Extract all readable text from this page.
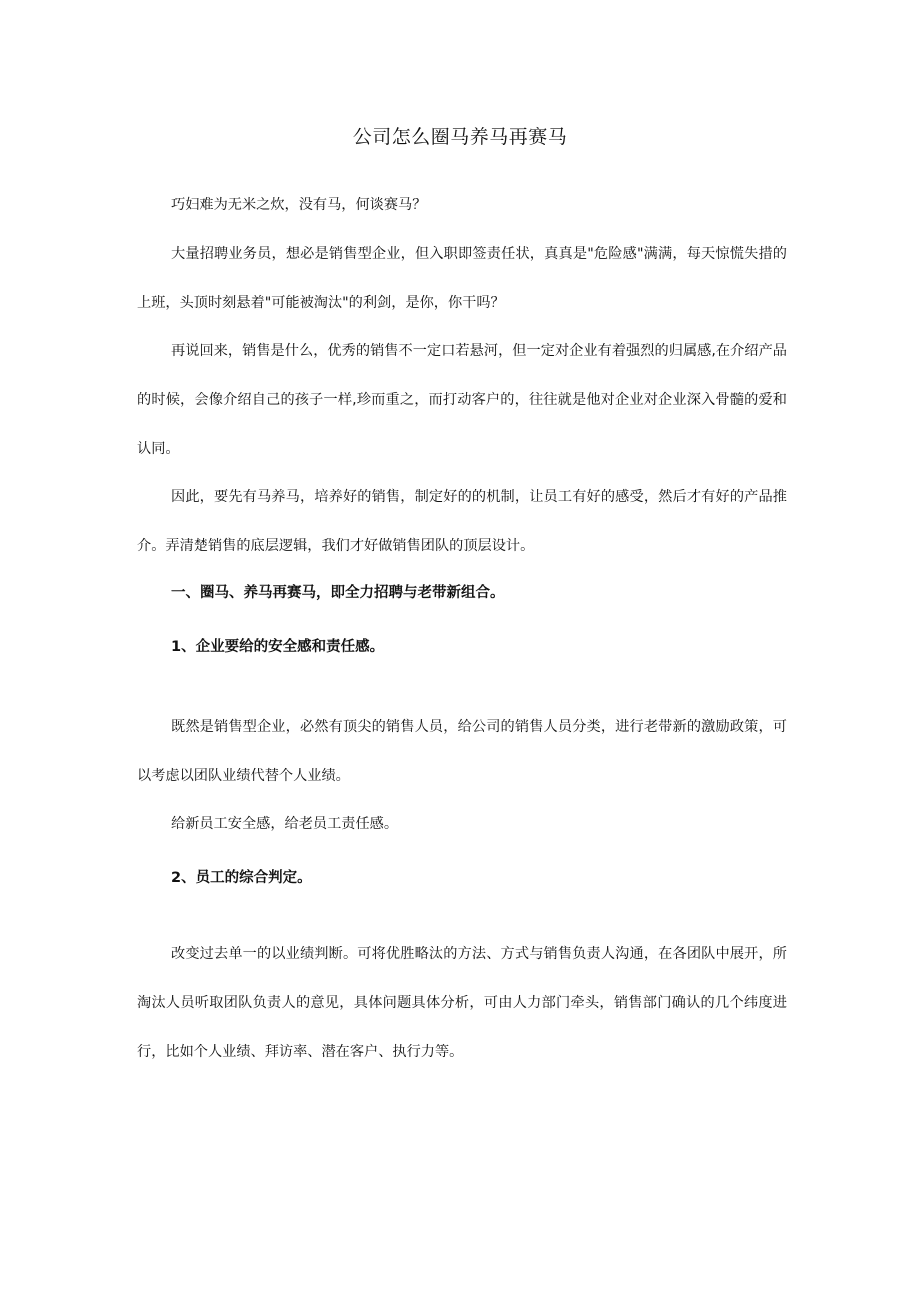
公司怎么圈马养马再赛马

巧妇难为无米之炊，没有马，何谈赛马？

大量招聘业务员，想必是销售型企业，但入职即签责任状，真真是"危险感"满满，每天惊慌失措的上班，头顶时刻悬着"可能被淘汰"的利剑，是你，你干吗？

再说回来，销售是什么，优秀的销售不一定口若悬河，但一定对企业有着强烈的归属感,在介绍产品的时候，会像介绍自己的孩子一样,珍而重之，而打动客户的，往往就是他对企业对企业深入骨髓的爱和认同。

因此，要先有马养马，培养好的销售，制定好的的机制，让员工有好的感受，然后才有好的产品推介。弄清楚销售的底层逻辑，我们才好做销售团队的顶层设计。

一、圈马、养马再赛马，即全力招聘与老带新组合。

1、企业要给的安全感和责任感。

既然是销售型企业，必然有顶尖的销售人员，给公司的销售人员分类，进行老带新的激励政策，可以考虑以团队业绩代替个人业绩。

给新员工安全感，给老员工责任感。

2、员工的综合判定。

改变过去单一的以业绩判断。可将优胜略汰的方法、方式与销售负责人沟通，在各团队中展开，所淘汰人员听取团队负责人的意见，具体问题具体分析，可由人力部门牵头，销售部门确认的几个纬度进行，比如个人业绩、拜访率、潜在客户、执行力等。
